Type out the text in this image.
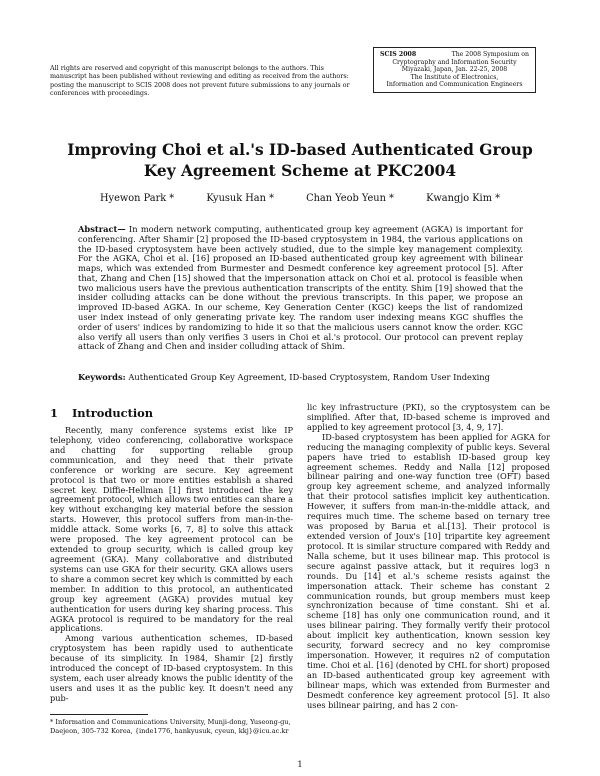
All rights are reserved and copyright of this manuscript belongs to the authors. This manuscript has been published without reviewing and editing as received from the authors: posting the manuscript to SCIS 2008 does not prevent future submissions to any journals or conferences with proceedings.
SCIS 2008	The 2008 Symposium on
Cryptography and Information Security
Miyazaki, Japan, Jan. 22-25, 2008
The Institute of Electronics,
Information and Communication Engineers
Improving Choi et al.'s ID-based Authenticated Group Key Agreement Scheme at PKC2004
Hyewon Park *	Kyusuk Han *	Chan Yeob Yeun *	Kwangjo Kim *
Abstract— In modern network computing, authenticated group key agreement (AGKA) is important for conferencing. After Shamir [2] proposed the ID-based cryptosystem in 1984, the various applications on the ID-based cryptosystem have been actively studied, due to the simple key management complexity. For the AGKA, Choi et al. [16] proposed an ID-based authenticated group key agreement with bilinear maps, which was extended from Burmester and Desmedt conference key agreement protocol [5]. After that, Zhang and Chen [15] showed that the impersonation attack on Choi et al. protocol is feasible when two malicious users have the previous authentication transcripts of the entity. Shim [19] showed that the insider colluding attacks can be done without the previous transcripts. In this paper, we propose an improved ID-based AGKA. In our scheme, Key Generation Center (KGC) keeps the list of randomized user index instead of only generating private key. The random user indexing means KGC shuffles the order of users' indices by randomizing to hide it so that the malicious users cannot know the order. KGC also verify all users than only verifies 3 users in Choi et al.'s protocol. Our protocol can prevent replay attack of Zhang and Chen and insider colluding attack of Shim.
Keywords: Authenticated Group Key Agreement, ID-based Cryptosystem, Random User Indexing
1 Introduction

Recently, many conference systems exist like IP telephony, video conferencing, collaborative workspace and chatting for supporting reliable group communication, and they need that their private conference or working are secure. Key agreement protocol is that two or more entities establish a shared secret key. Diffie-Hellman [1] first introduced the key agreement protocol, which allows two entities can share a key without exchanging key material before the session starts. However, this protocol suffers from man-in-the-middle attack. Some works [6, 7, 8] to solve this attack were proposed. The key agreement protocol can be extended to group security, which is called group key agreement (GKA). Many collaborative and distributed systems can use GKA for their security. GKA allows users to share a common secret key which is committed by each member. In addition to this protocol, an authenticated group key agreement (AGKA) provides mutual key authentication for users during key sharing process. This AGKA protocol is required to be mandatory for the real applications.

Among various authentication schemes, ID-based cryptosystem has been rapidly used to authenticate because of its simplicity. In 1984, Shamir [2] firstly introduced the concept of ID-based cryptosystem. In this system, each user already knows the public identity of the users and uses it as the public key. It doesn't need any pub-

lic key infrastructure (PKI), so the cryptosystem can be simplified. After that, ID-based scheme is improved and applied to key agreement protocol [3, 4, 9, 17].

ID-based cryptosystem has been applied for AGKA for reducing the managing complexity of public keys. Several papers have tried to establish ID-based group key agreement schemes. Reddy and Nalla [12] proposed bilinear pairing and one-way function tree (OFT) based group key agreement scheme, and analyzed informally that their protocol satisfies implicit key authentication. However, it suffers from man-in-the-middle attack, and requires much time. The scheme based on ternary tree was proposed by Barua et al.[13]. Their protocol is extended version of Joux's [10] tripartite key agreement protocol. It is similar structure compared with Reddy and Nalla scheme, but it uses bilinear map. This protocol is secure against passive attack, but it requires log3 n rounds. Du [14] et al.'s scheme resists against the impersonation attack. Their scheme has constant 2 communication rounds, but group members must keep synchronization because of time constant. Shi et al. scheme [18] has only one communication round, and it uses bilinear pairing. They formally verify their protocol about implicit key authentication, known session key security, forward secrecy and no key compromise impersonation. However, it requires n2 of computation time. Choi et al. [16] (denoted by CHL for short) proposed an ID-based authenticated group key agreement with bilinear maps, which was extended from Burmester and Desmedt conference key agreement protocol [5]. It also uses bilinear pairing, and has 2 con-

* Information and Communications University, Munji-dong, Yuseong-gu, Daejeon, 305-732 Korea, {inde1776, hankyusuk, cyeun, kkj}@icu.ac.kr
1
